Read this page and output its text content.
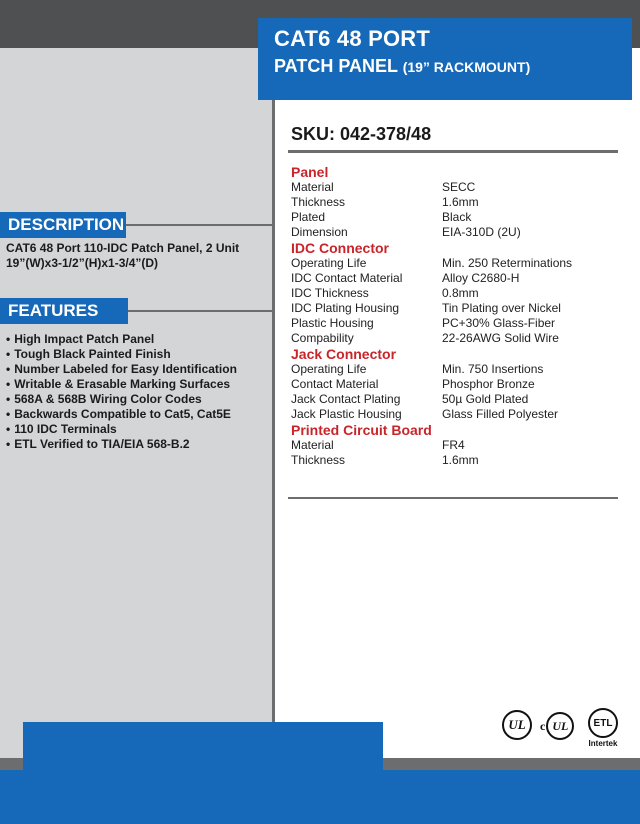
CAT6 48 PORT
PATCH PANEL (19” RACKMOUNT)
DESCRIPTION
CAT6 48 Port 110-IDC Patch Panel, 2 Unit
19”(W)x3-1/2”(H)x1-3/4”(D)
FEATURES
• High Impact Patch Panel
• Tough Black Painted Finish
• Number Labeled for Easy Identification
• Writable & Erasable Marking Surfaces
• 568A & 568B Wiring Color Codes
• Backwards Compatible to Cat5, Cat5E
• 110 IDC Terminals
• ETL Verified to TIA/EIA 568-B.2
SKU: 042-378/48
Panel
Material	SECC
Thickness	1.6mm
Plated	Black
Dimension	EIA-310D (2U)
IDC Connector
Operating Life	Min. 250 Reterminations
IDC Contact Material	Alloy C2680-H
IDC Thickness	0.8mm
IDC Plating Housing	Tin Plating over Nickel
Plastic Housing	PC+30% Glass-Fiber
Compability	22-26AWG Solid Wire
Jack Connector
Operating Life	Min. 750 Insertions
Contact Material	Phosphor Bronze
Jack Contact Plating	50µ Gold Plated
Jack Plastic Housing	Glass Filled Polyester
Printed Circuit Board
Material	FR4
Thickness	1.6mm
UL	c UL	ETL
Intertek
